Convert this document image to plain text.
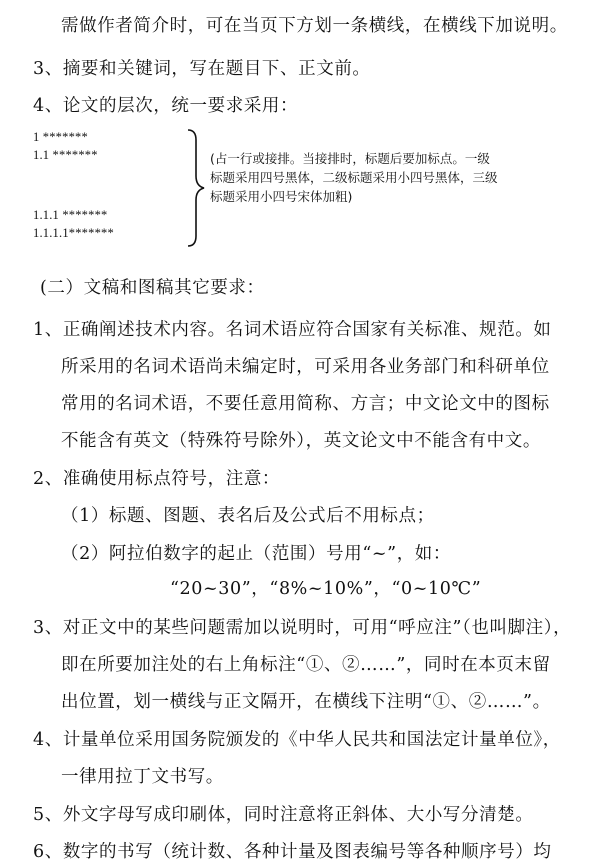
需做作者简介时，可在当页下方划一条横线，在横线下加说明。
3、摘要和关键词，写在题目下、正文前。
4、论文的层次，统一要求采用：
1 *******
1.1 *******
1.1.1 *******
1.1.1.1*******
(占一行或接排。当接排时，标题后要加标点。一级
标题采用四号黑体，二级标题采用小四号黑体，三级
标题采用小四号宋体加粗)
(二）文稿和图稿其它要求：
1、正确阐述技术内容。名词术语应符合国家有关标准、规范。如
所采用的名词术语尚未编定时，可采用各业务部门和科研单位
常用的名词术语，不要任意用简称、方言；中文论文中的图标
不能含有英文（特殊符号除外），英文论文中不能含有中文。
2、准确使用标点符号，注意：
（1）标题、图题、表名后及公式后不用标点；
（2）阿拉伯数字的起止（范围）号用“~”，如：
“20~30”，“8%~10%”，“0~10℃”
3、对正文中的某些问题需加以说明时，可用“呼应注”（也叫脚注），
即在所要加注处的右上角标注“①、②……”，同时在本页末留
出位置，划一横线与正文隔开，在横线下注明“①、②……”。
4、计量单位采用国务院颁发的《中华人民共和国法定计量单位》，
一律用拉丁文书写。
5、外文字母写成印刷体，同时注意将正斜体、大小写分清楚。
6、数字的书写（统计数、各种计量及图表编号等各种顺序号）均
